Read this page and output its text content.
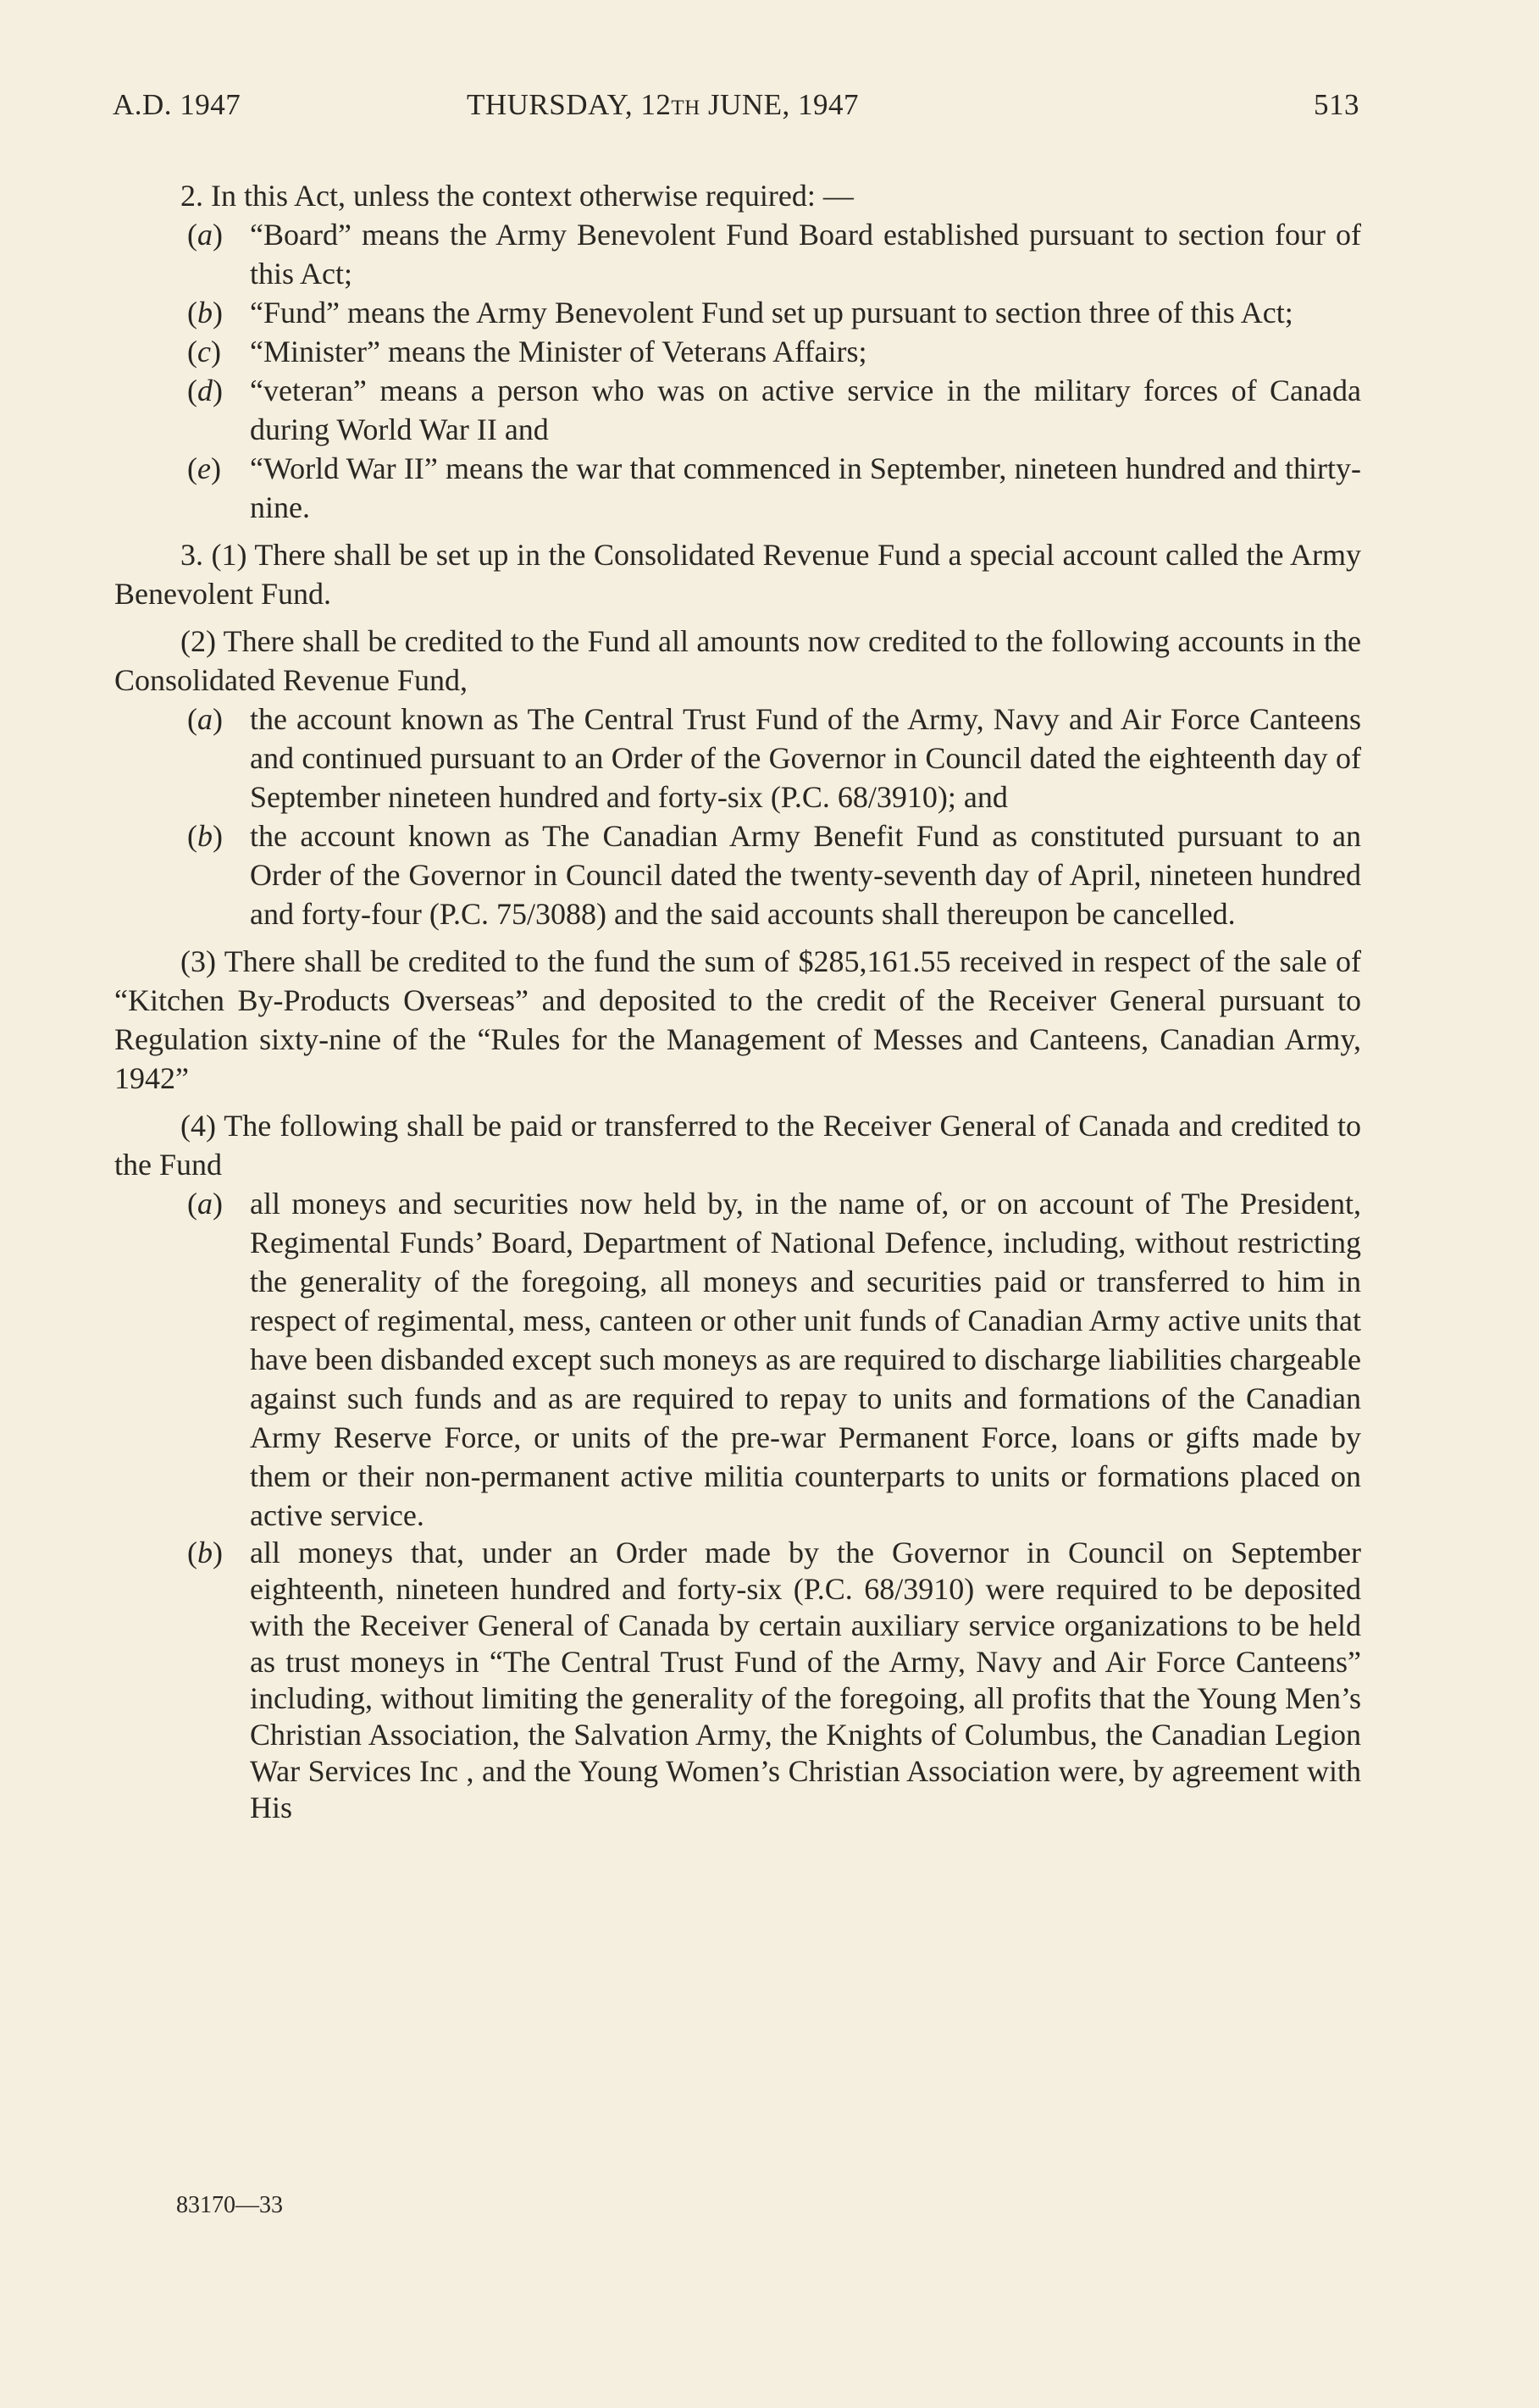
A.D. 1947	THURSDAY, 12TH JUNE, 1947	513

2. In this Act, unless the context otherwise required: —

(a) “Board” means the Army Benevolent Fund Board established pursuant to section four of this Act;
(b) “Fund” means the Army Benevolent Fund set up pursuant to section three of this Act;
(c) “Minister” means the Minister of Veterans Affairs;
(d) “veteran” means a person who was on active service in the military forces of Canada during World War II and
(e) “World War II” means the war that commenced in September, nineteen hundred and thirty-nine.

3. (1) There shall be set up in the Consolidated Revenue Fund a special account called the Army Benevolent Fund.

(2) There shall be credited to the Fund all amounts now credited to the following accounts in the Consolidated Revenue Fund,

(a) the account known as The Central Trust Fund of the Army, Navy and Air Force Canteens and continued pursuant to an Order of the Governor in Council dated the eighteenth day of September nineteen hundred and forty-six (P.C. 68/3910); and
(b) the account known as The Canadian Army Benefit Fund as constituted pursuant to an Order of the Governor in Council dated the twenty-seventh day of April, nineteen hundred and forty-four (P.C. 75/3088) and the said accounts shall thereupon be cancelled.

(3) There shall be credited to the fund the sum of $285,161.55 received in respect of the sale of “Kitchen By-Products Overseas” and deposited to the credit of the Receiver General pursuant to Regulation sixty-nine of the “Rules for the Management of Messes and Canteens, Canadian Army, 1942”

(4) The following shall be paid or transferred to the Receiver General of Canada and credited to the Fund

(a) all moneys and securities now held by, in the name of, or on account of The President, Regimental Funds’ Board, Department of National Defence, including, without restricting the generality of the foregoing, all moneys and securities paid or transferred to him in respect of regimental, mess, canteen or other unit funds of Canadian Army active units that have been disbanded except such moneys as are required to discharge liabilities chargeable against such funds and as are required to repay to units and formations of the Canadian Army Reserve Force, or units of the pre-war Permanent Force, loans or gifts made by them or their non-permanent active militia counterparts to units or formations placed on active service.
(b) all moneys that, under an Order made by the Governor in Council on September eighteenth, nineteen hundred and forty-six (P.C. 68/3910) were required to be deposited with the Receiver General of Canada by certain auxiliary service organizations to be held as trust moneys in “The Central Trust Fund of the Army, Navy and Air Force Canteens” including, without limiting the generality of the foregoing, all profits that the Young Men’s Christian Association, the Salvation Army, the Knights of Columbus, the Canadian Legion War Services Inc , and the Young Women’s Christian Association were, by agreement with His
83170—33
